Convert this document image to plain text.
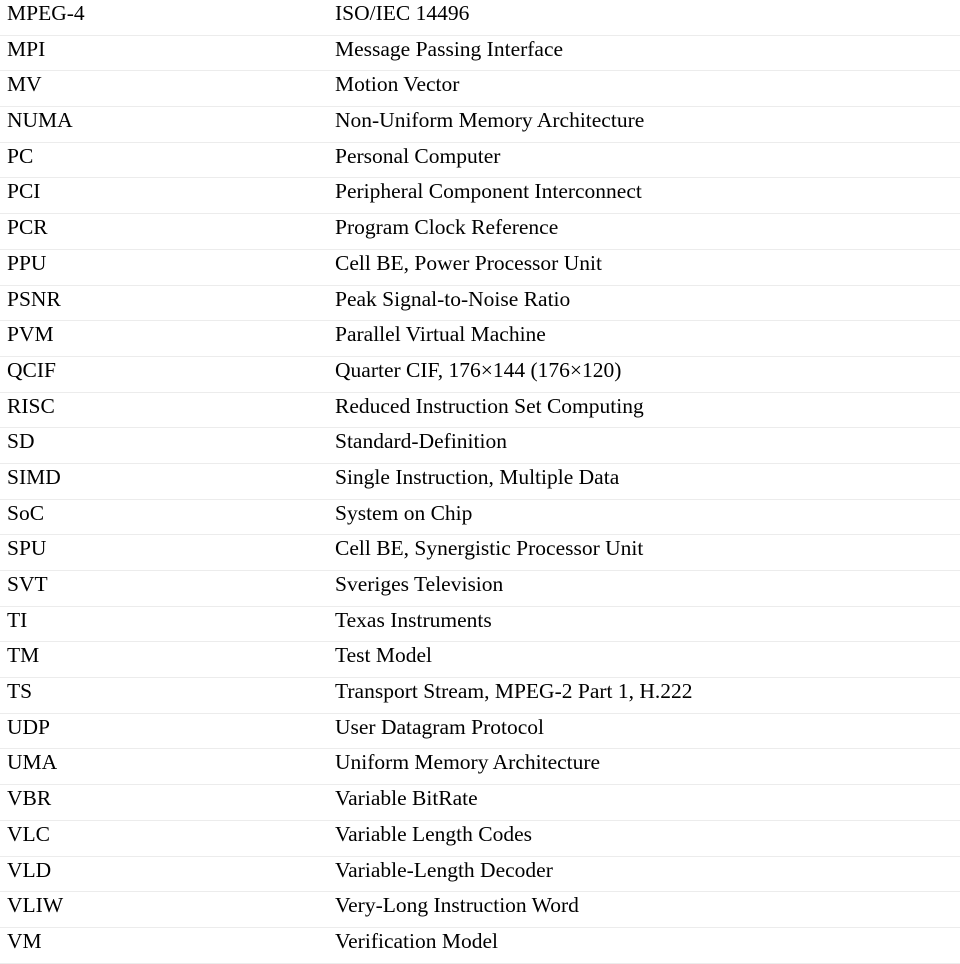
MPEG-4	ISO/IEC 14496
MPI	Message Passing Interface
MV	Motion Vector
NUMA	Non-Uniform Memory Architecture
PC	Personal Computer
PCI	Peripheral Component Interconnect
PCR	Program Clock Reference
PPU	Cell BE, Power Processor Unit
PSNR	Peak Signal-to-Noise Ratio
PVM	Parallel Virtual Machine
QCIF	Quarter CIF, 176×144 (176×120)
RISC	Reduced Instruction Set Computing
SD	Standard-Definition
SIMD	Single Instruction, Multiple Data
SoC	System on Chip
SPU	Cell BE, Synergistic Processor Unit
SVT	Sveriges Television
TI	Texas Instruments
TM	Test Model
TS	Transport Stream, MPEG-2 Part 1, H.222
UDP	User Datagram Protocol
UMA	Uniform Memory Architecture
VBR	Variable BitRate
VLC	Variable Length Codes
VLD	Variable-Length Decoder
VLIW	Very-Long Instruction Word
VM	Verification Model
